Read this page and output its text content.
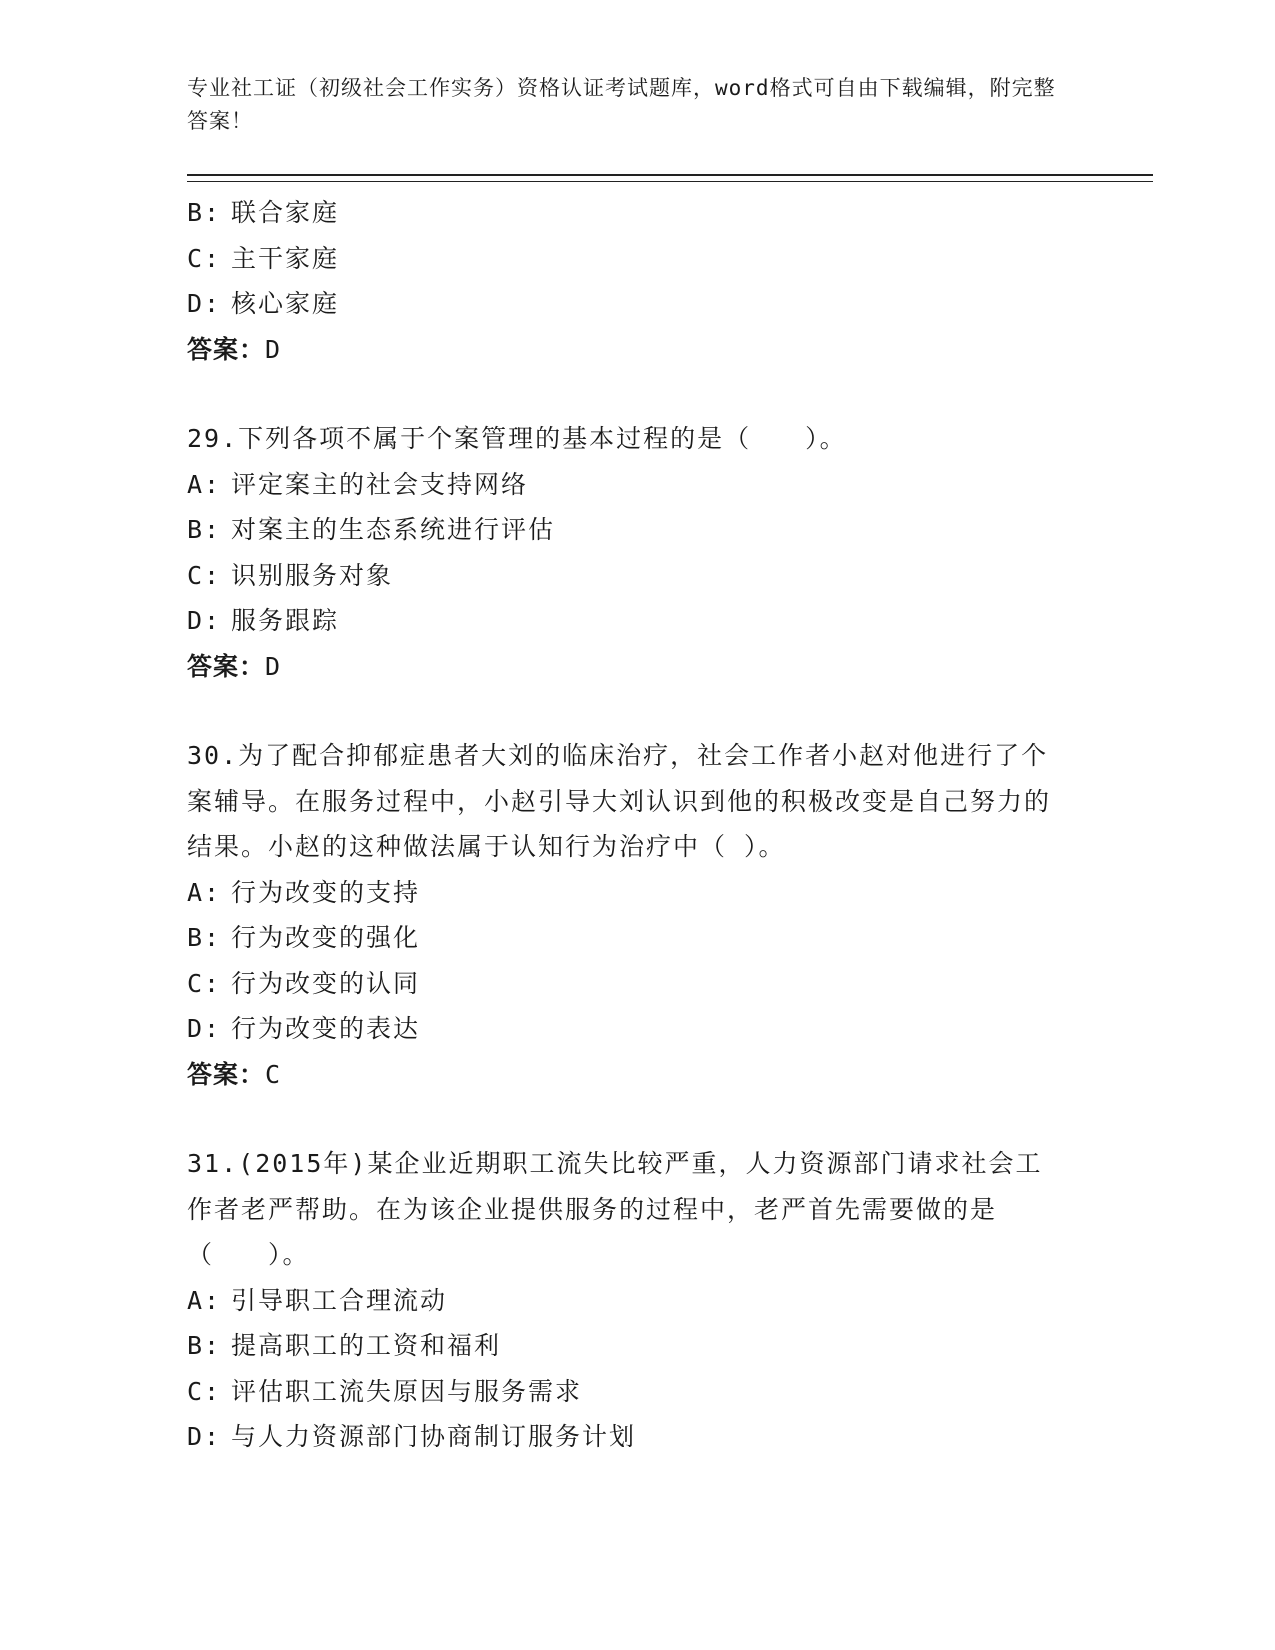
专业社工证（初级社会工作实务）资格认证考试题库，word格式可自由下载编辑，附完整答案！

B: 联合家庭

C: 主干家庭

D: 核心家庭

答案：D

29.下列各项不属于个案管理的基本过程的是（　　）。

A: 评定案主的社会支持网络

B: 对案主的生态系统进行评估

C: 识别服务对象

D: 服务跟踪

答案：D

30.为了配合抑郁症患者大刘的临床治疗，社会工作者小赵对他进行了个案辅导。在服务过程中，小赵引导大刘认识到他的积极改变是自己努力的结果。小赵的这种做法属于认知行为治疗中（ ）。

A: 行为改变的支持

B: 行为改变的强化

C: 行为改变的认同

D: 行为改变的表达

答案：C

31.(2015年)某企业近期职工流失比较严重，人力资源部门请求社会工作者老严帮助。在为该企业提供服务的过程中，老严首先需要做的是（　　）。

A: 引导职工合理流动

B: 提高职工的工资和福利

C: 评估职工流失原因与服务需求

D: 与人力资源部门协商制订服务计划
